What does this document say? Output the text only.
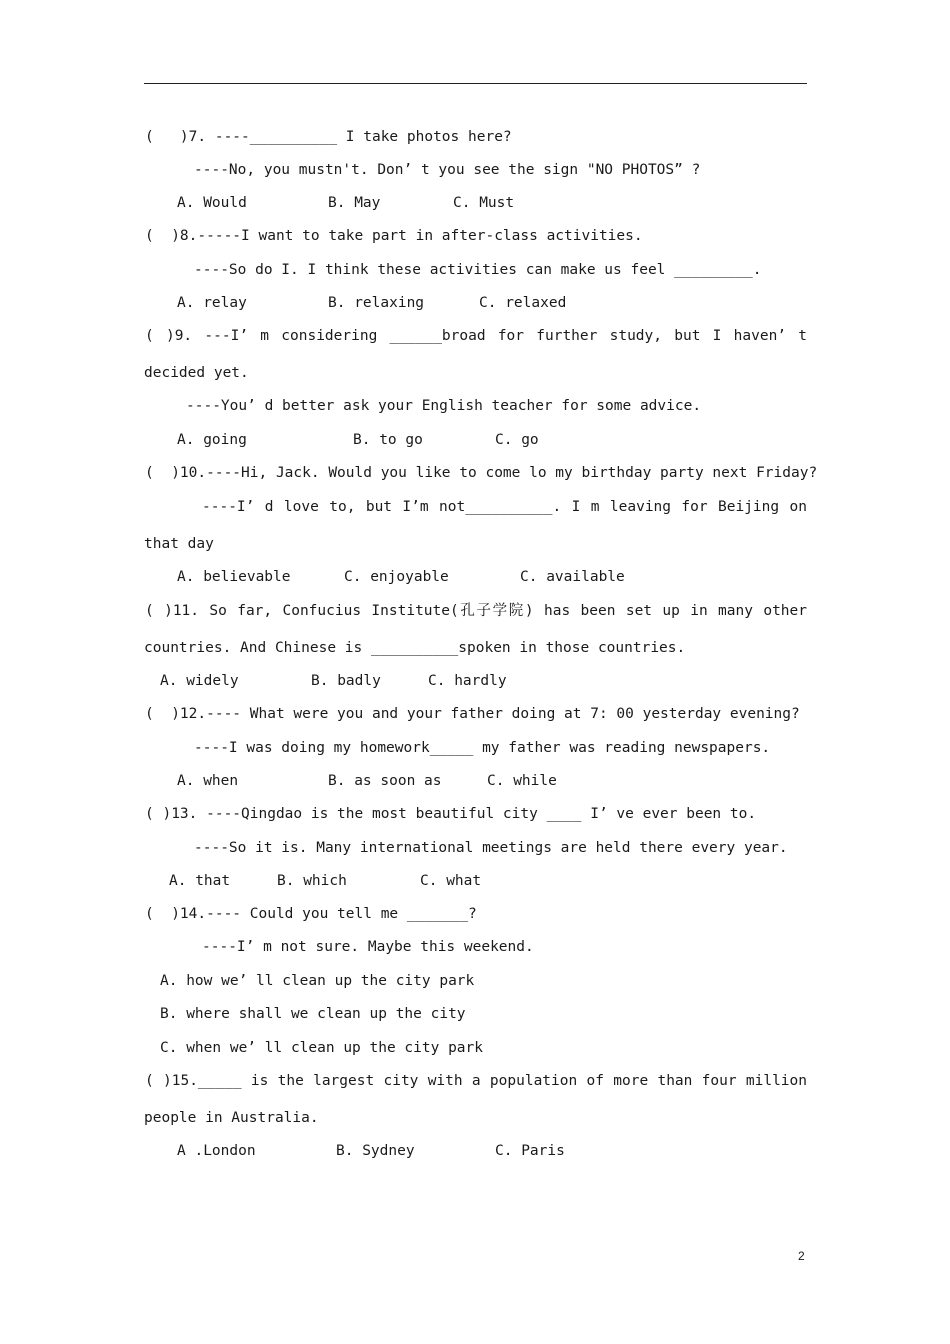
(   )7. ----__________ I take photos here?
----No, you mustn't. Don’ t you see the sign "NO PHOTOS” ?
A. Would	B. May	C. Must
(  )8.-----I want to take part in after-class activities.
----So do I. I think these activities can make us feel _________.
A. relay	B. relaxing	C. relaxed
( )9. ---I’ m considering ______broad for further study, but I haven’ t
decided yet.
----You’ d better ask your English teacher for some advice.
A. going	B. to go	C. go
(  )10.----Hi, Jack. Would you like to come lo my birthday party next Friday?
----I’ d love to, but I’m not__________. I m leaving for Beijing on
that day
A. believable	C. enjoyable	C. available
( )11. So far, Confucius Institute(孔子学院) has been set up in many other
countries. And Chinese is __________spoken in those countries.
A. widely	B. badly	C. hardly
(  )12.---- What were you and your father doing at 7: 00 yesterday evening?
----I was doing my homework_____ my father was reading newspapers.
A. when	B. as soon as	C. while
( )13. ----Qingdao is the most beautiful city ____ I’ ve ever been to.
----So it is. Many international meetings are held there every year.
A. that	B. which	C. what
(  )14.---- Could you tell me _______?
----I’ m not sure. Maybe this weekend.
A. how we’ ll clean up the city park
B. where shall we clean up the city
C. when we’ ll clean up the city park
( )15._____ is the largest city with a population of more than four million
people in Australia.
A .London	B. Sydney	C. Paris
2
